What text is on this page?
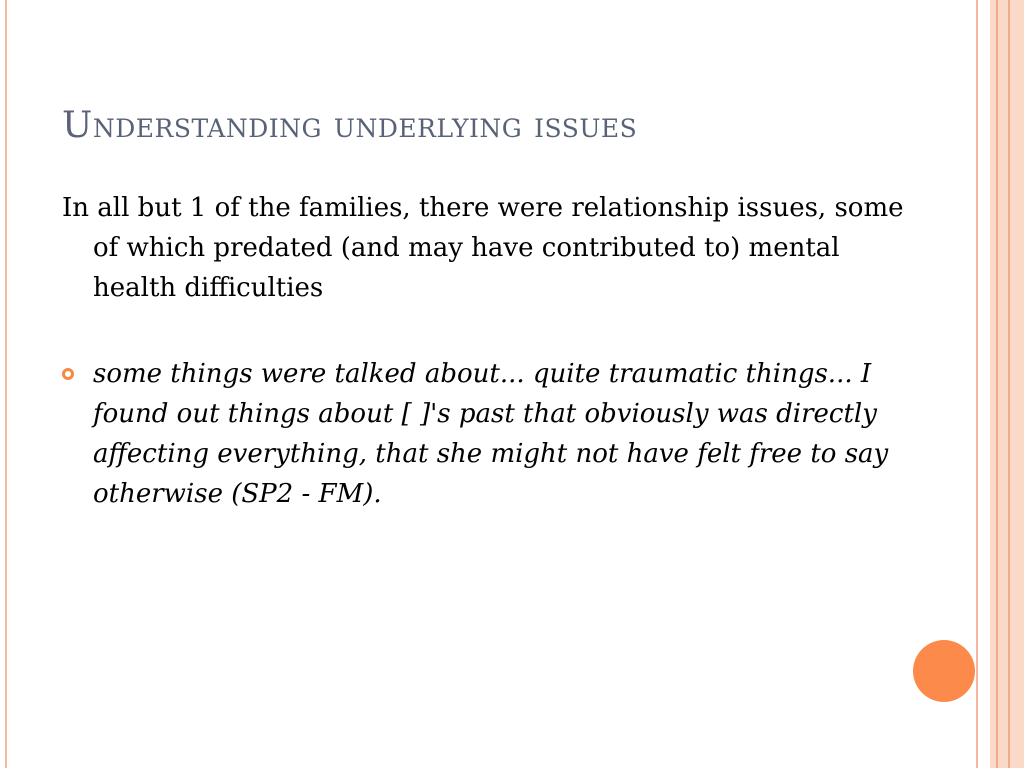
Understanding underlying issues

In all but 1 of the families, there were relationship issues, some of which predated (and may have contributed to) mental health difficulties

some things were talked about... quite traumatic things... I found out things about [ ]'s past that obviously was directly affecting everything, that she might not have felt free to say otherwise (SP2 - FM).
